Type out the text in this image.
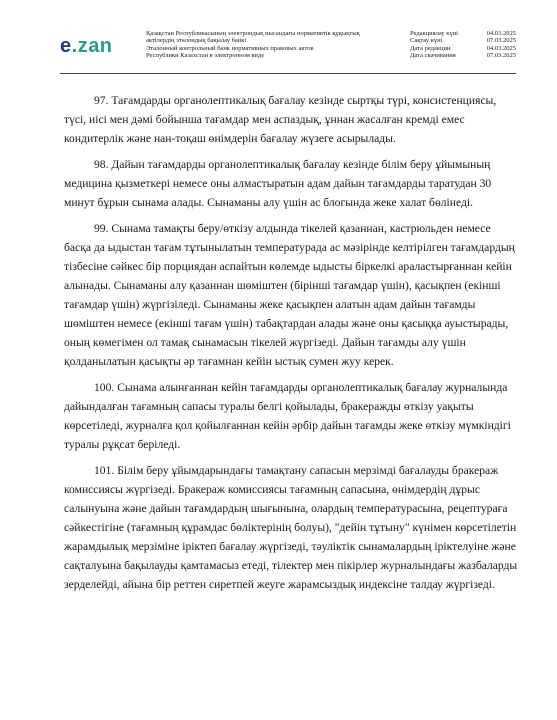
e.zan
Қазақстан Республикасының электрондық нысандағы нормативтік құқықтық
актілердің эталондық бақылау банкі
Эталонный контрольный банк нормативных правовых актов
Республики Казахстан в электронном виде
Редакциялау күні	04.03.2025
Сақтау күні	07.03.2025
Дата редакции	04.03.2025
Дата скачивания	07.03.2025

97. Тағамдарды органолептикалық бағалау кезінде сыртқы түрі, консистенциясы, түсі, иісі мен дәмі бойынша тағамдар мен аспаздық, ұннан жасалған кремді емес кондитерлік және нан-тоқаш өнімдерін бағалау жүзеге асырылады.

98. Дайын тағамдарды органолептикалық бағалау кезінде білім беру ұйымының медицина қызметкері немесе оны алмастыратын адам дайын тағамдарды таратудан 30 минут бұрын сынама алады. Сынаманы алу үшін ас блогында жеке халат бөлінеді.

99. Сынама тамақты беру/өткізу алдында тікелей қазаннан, кастрюльден немесе басқа да ыдыстан тағам тұтынылатын температурада ас мәзірінде келтірілген тағамдардың тізбесіне сәйкес бір порциядан аспайтын көлемде ыдысты біркелкі араластырғаннан кейін алынады. Сынаманы алу қазаннан шөміштен (бірінші тағамдар үшін), қасықпен (екінші тағамдар үшін) жүргізіледі. Сынаманы жеке қасықпен алатын адам дайын тағамды шөміштен немесе (екінші тағам үшін) табақтардан алады және оны қасыққа ауыстырады, оның көмегімен ол тамақ сынамасын тікелей жүргізеді. Дайын тағамды алу үшін қолданылатын қасықты әр тағамнан кейін ыстық сумен жуу керек.

100. Сынама алынғаннан кейін тағамдарды органолептикалық бағалау журналында дайындалған тағамның сапасы туралы белгі қойылады, бракеражды өткізу уақыты көрсетіледі, журналға қол қойылғаннан кейін әрбір дайын тағамды жеке өткізу мүмкіндігі туралы рұқсат беріледі.

101. Білім беру ұйымдарындағы тамақтану сапасын мерзімді бағалауды бракераж комиссиясы жүргізеді. Бракераж комиссиясы тағамның сапасына, өнімдердің дұрыс салынуына және дайын тағамдардың шығынына, олардың температурасына, рецептураға сәйкестігіне (тағамның құрамдас бөліктерінің болуы), "дейін тұтыну" күнімен көрсетілетін жарамдылық мерзіміне іріктеп бағалау жүргізеді, тәуліктік сынамалардың іріктелуіне және сақталуына бақылауды қамтамасыз етеді, тілектер мен пікірлер журналындағы жазбаларды зерделейді, айына бір реттен сиретпей жеуге жарамсыздық индексіне талдау жүргізеді.
